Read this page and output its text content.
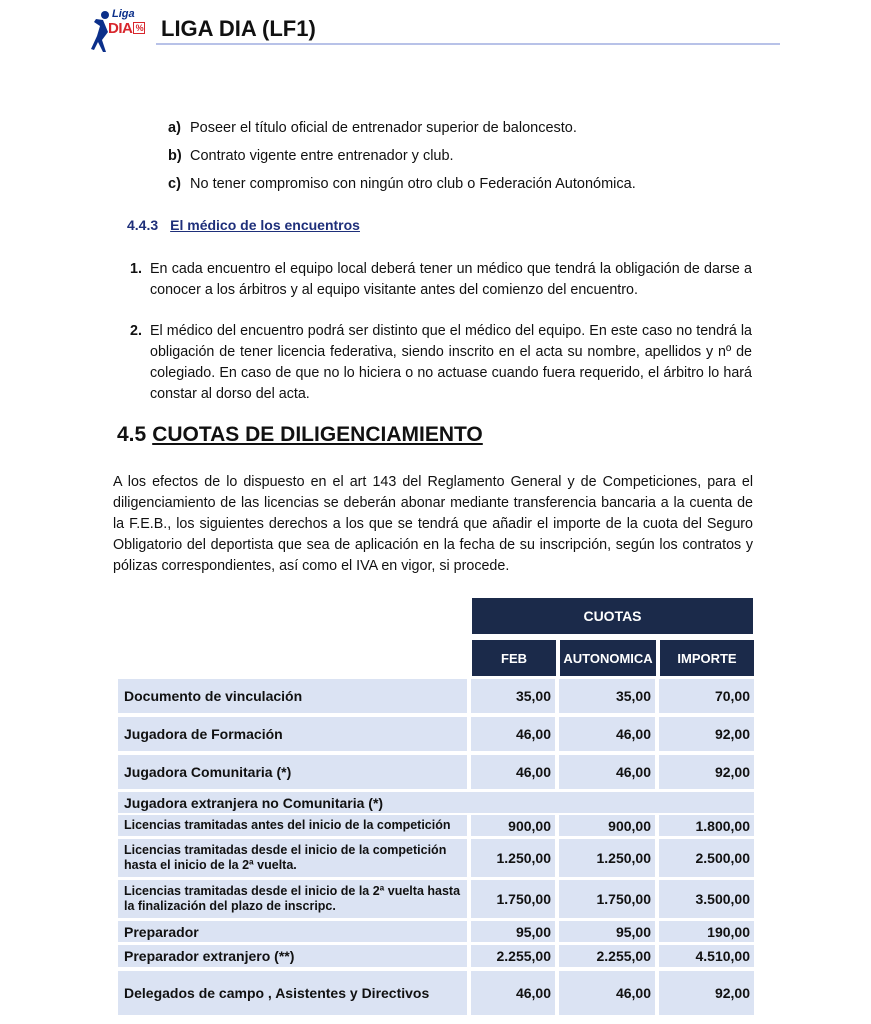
Liga
DIA % LIGA DIA (LF1)
a) Poseer el título oficial de entrenador superior de baloncesto.
b) Contrato vigente entre entrenador y club.
c) No tener compromiso con ningún otro club o Federación Autonómica.
4.4.3 El médico de los encuentros
1. En cada encuentro el equipo local deberá tener un médico que tendrá la obligación de darse a conocer a los árbitros y al equipo visitante antes del comienzo del encuentro.
2. El médico del encuentro podrá ser distinto que el médico del equipo. En este caso no tendrá la obligación de tener licencia federativa, siendo inscrito en el acta su nombre, apellidos y nº de colegiado. En caso de que no lo hiciera o no actuase cuando fuera requerido, el árbitro lo hará constar al dorso del acta.
4.5 CUOTAS DE DILIGENCIAMIENTO
A los efectos de lo dispuesto en el art 143 del Reglamento General y de Competiciones, para el diligenciamiento de las licencias se deberán abonar mediante transferencia bancaria a la cuenta de la F.E.B., los siguientes derechos a los que se tendrá que añadir el importe de la cuota del Seguro Obligatorio del deportista que sea de aplicación en la fecha de su inscripción, según los contratos y pólizas correspondientes, así como el IVA en vigor, si procede.
CUOTAS
FEB	AUTONOMICA	IMPORTE
Documento de vinculación	35,00	35,00	70,00
Jugadora de Formación	46,00	46,00	92,00
Jugadora Comunitaria (*)	46,00	46,00	92,00
Jugadora extranjera no Comunitaria (*)
Licencias tramitadas antes del inicio de la competición	900,00	900,00	1.800,00
Licencias tramitadas desde el inicio de la competición hasta el inicio de la 2ª vuelta.	1.250,00	1.250,00	2.500,00
Licencias tramitadas desde el inicio de la 2ª vuelta hasta la finalización del plazo de inscripc.	1.750,00	1.750,00	3.500,00
Preparador	95,00	95,00	190,00
Preparador extranjero (**)	2.255,00	2.255,00	4.510,00
Delegados de campo , Asistentes y Directivos	46,00	46,00	92,00
